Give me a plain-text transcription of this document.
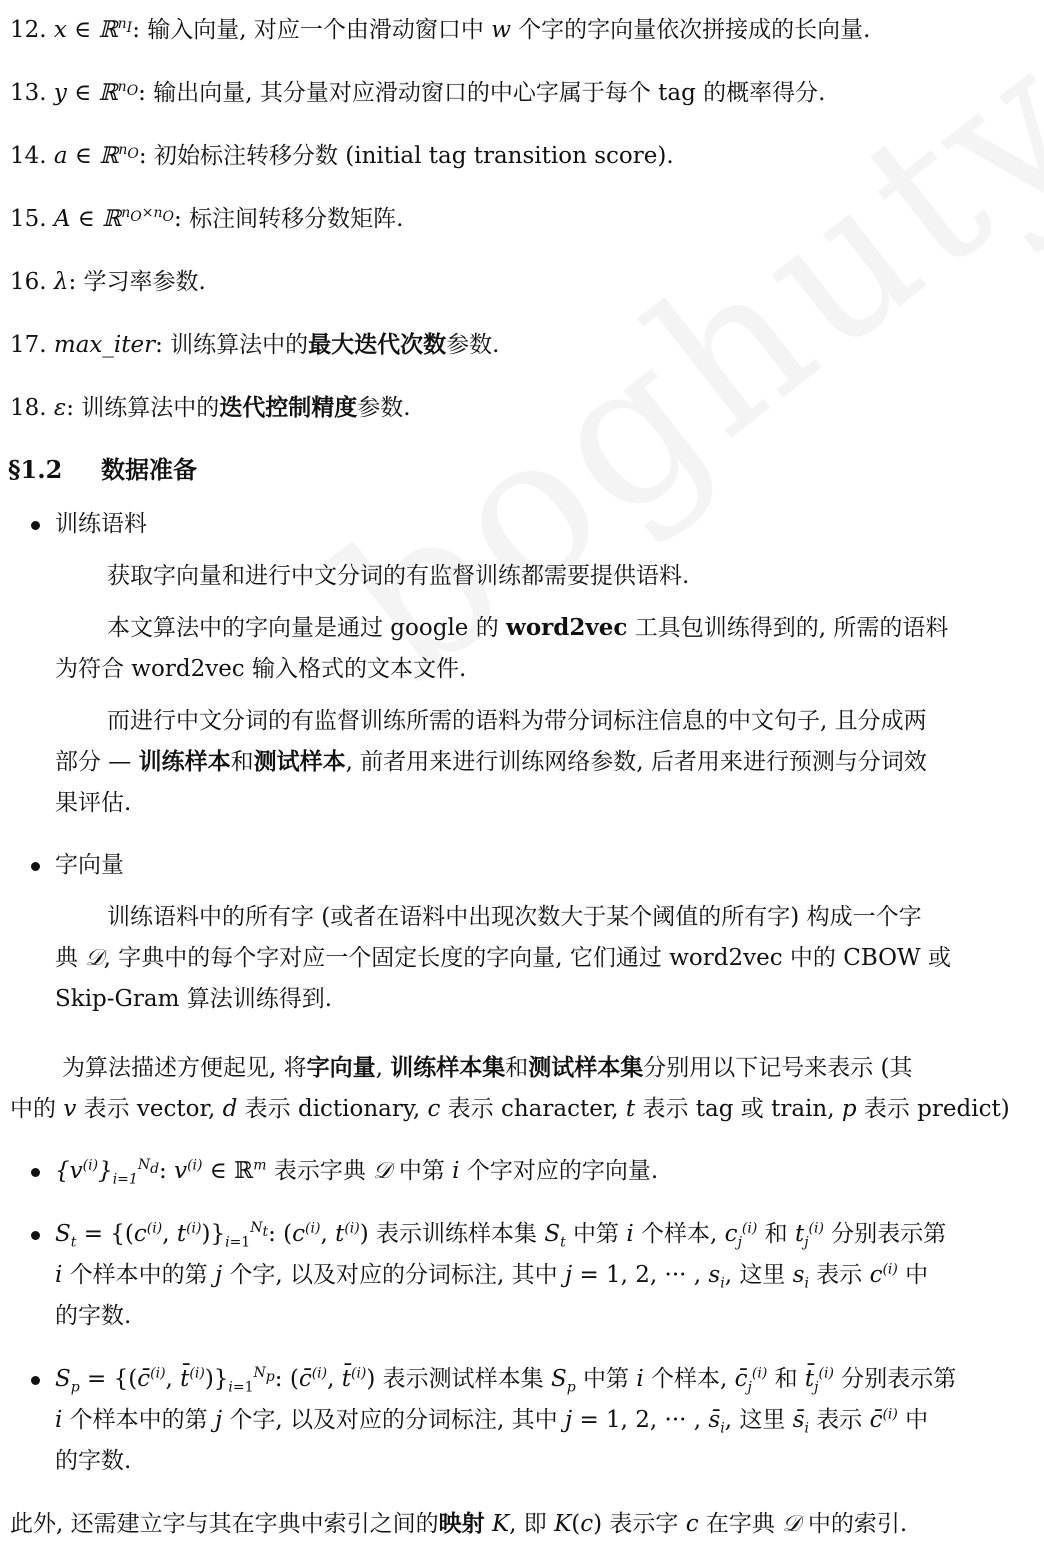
12. x ∈ ℝ$^{n_I}$: 输入向量, 对应一个由滑动窗口中 w 个字的字向量依次拼接成的长向量.
13. y ∈ ℝ$^{n_O}$: 输出向量, 其分量对应滑动窗口的中心字属于每个 tag 的概率得分.
14. a ∈ ℝ$^{n_O}$: 初始标注转移分数 (initial tag transition score).
15. A ∈ ℝ$^{n_O\times n_O}$: 标注间转移分数矩阵.
16. λ: 学习率参数.
17. max_iter: 训练算法中的最大迭代次数参数.
18. ε: 训练算法中的迭代控制精度参数.
§1.2 数据准备
训练语料
获取字向量和进行中文分词的有监督训练都需要提供语料.
本文算法中的字向量是通过 google 的 word2vec 工具包训练得到的, 所需的语料
为符合 word2vec 输入格式的文本文件.
而进行中文分词的有监督训练所需的语料为带分词标注信息的中文句子, 且分成两
部分 — 训练样本和测试样本, 前者用来进行训练网络参数, 后者用来进行预测与分词效
果评估.
字向量
训练语料中的所有字 (或者在语料中出现次数大于某个阈值的所有字) 构成一个字
典 𝒟, 字典中的每个字对应一个固定长度的字向量, 它们通过 word2vec 中的 CBOW 或
Skip-Gram 算法训练得到.
为算法描述方便起见, 将字向量, 训练样本集和测试样本集分别用以下记号来表示 (其
中的 v 表示 vector, d 表示 dictionary, c 表示 character, t 表示 tag 或 train, p 表示 predict)
$\{v^{(i)}\}_{i=1}^{N_d}$: $v^{(i)}$ ∈ ℝ$^m$ 表示字典 𝒟 中第 i 个字对应的字向量.
$S_t = \{(c^{(i)}$, $t^{(i)})\}_{i=1}^{N_t}$: ($c^{(i)}$, $t^{(i)}$) 表示训练样本集 $S_t$ 中第 i 个样本, $c_j^{(i)}$ 和 $t_j^{(i)}$ 分别表示第
i 个样本中的第 j 个字, 以及对应的分词标注, 其中 j = 1, 2, ··· , $s_i$, 这里 $s_i$ 表示 $c^{(i)}$ 中
的字数.
$S_p$ = {(c̄$^{(i)}$, $t̄^{(i)})\}_{i=1}^{N_p}$: (c̄$^{(i)}$, t̄$^{(i)}$) 表示测试样本集 $S_p$ 中第 i 个样本, $c̄_j^{(i)}$ 和 $t̄_j^{(i)}$ 分别表示第
i 个样本中的第 j 个字, 以及对应的分词标注, 其中 j = 1, 2, ··· , $s̄_i$, 这里 $s̄_i$ 表示 c̄$^{(i)}$ 中
的字数.
此外, 还需建立字与其在字典中索引之间的映射 K, 即 K(c) 表示字 c 在字典 𝒟 中的索引.
